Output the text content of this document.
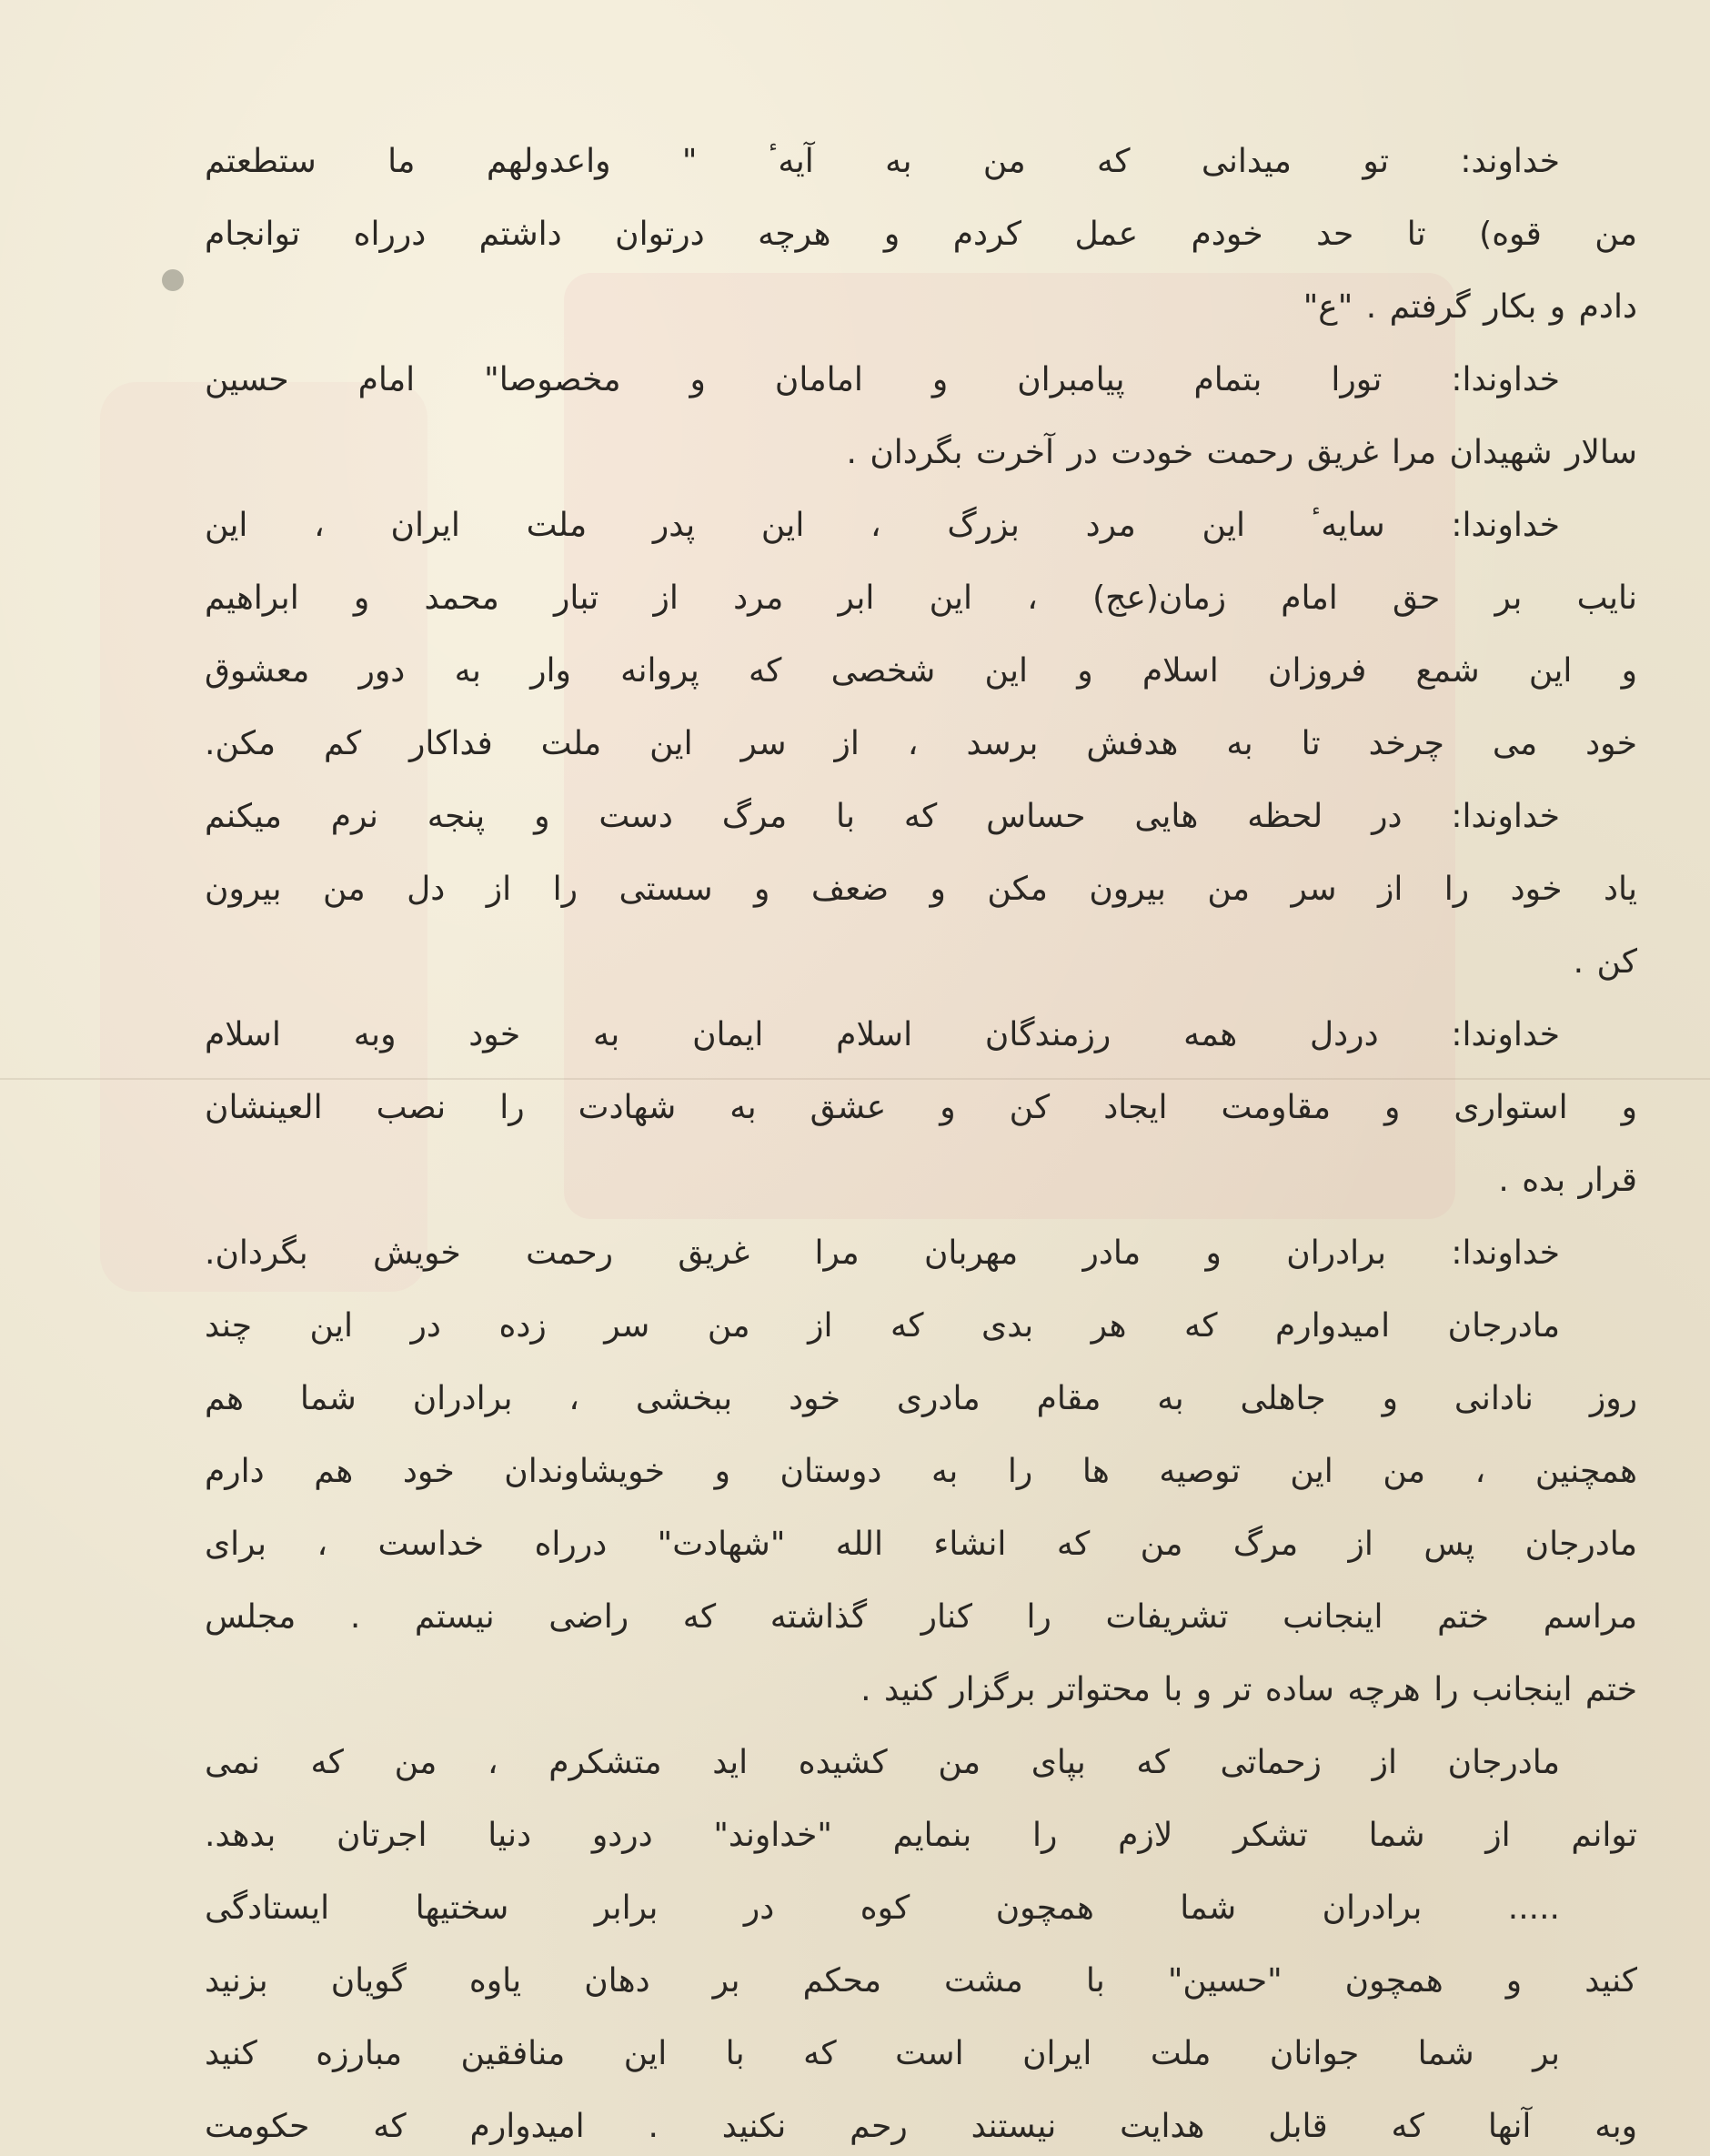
خداوند: تو میدانی که من به آیهٴ " واعدولهم ما ستطعتم
من قوه) تا حد خودم عمل کردم و هرچه درتوان داشتم درراه توانجام
دادم و بکار گرفتم . "ع"
خداوندا: تورا بتمام پیامبران و امامان و مخصوصا" امام حسین
سالار شهیدان مرا غریق رحمت خودت در آخرت بگردان .
خداوندا: سایهٴ این مرد بزرگ ، این پدر ملت ایران ، این
نایب بر حق امام زمان(عج) ، این ابر مرد از تبار محمد و ابراهیم
و این شمع فروزان اسلام و این شخصی که پروانه وار به دور معشوق
خود می چرخد تا به هدفش برسد ، از سر این ملت فداکار کم مکن.
خداوندا: در لحظه هایی حساس که با مرگ دست و پنجه نرم میکنم
یاد خود را از سر من بیرون مکن و ضعف و سستی را از دل من بیرون
کن .
خداوندا: دردل همه رزمندگان اسلام ایمان به خود وبه اسلام
و استواری و مقاومت ایجاد کن و عشق به شهادت را نصب العینشان
قرار بده .
خداوندا: برادران و مادر مهربان مرا غریق رحمت خویش بگردان.
مادرجان امیدوارم که هر بدی که از من سر زده در این چند
روز نادانی و جاهلی به مقام مادری خود ببخشی ، برادران شما هم
همچنین ، من این توصیه ها را به دوستان و خویشاوندان خود هم دارم
مادرجان پس از مرگ من که انشاء الله "شهادت" درراه خداست ، برای
مراسم ختم اینجانب تشریفات را کنار گذاشته که راضی نیستم . مجلس
ختم اینجانب را هرچه ساده تر و با محتواتر برگزار کنید .
مادرجان از زحماتی که بپای من کشیده اید متشکرم ، من که نمی
توانم از شما تشکر لازم را بنمایم "خداوند" دردو دنیا اجرتان بدهد.
..... برادران شما همچون کوه در برابر سختیها ایستادگی
کنید و همچون "حسین" با مشت محکم بر دهان یاوه گویان بزنید
بر شما جوانان ملت ایران است که با این منافقین مبارزه کنید
وبه آنها که قابل هدایت نیستند رحم نکنید . امیدوارم که حکومت
